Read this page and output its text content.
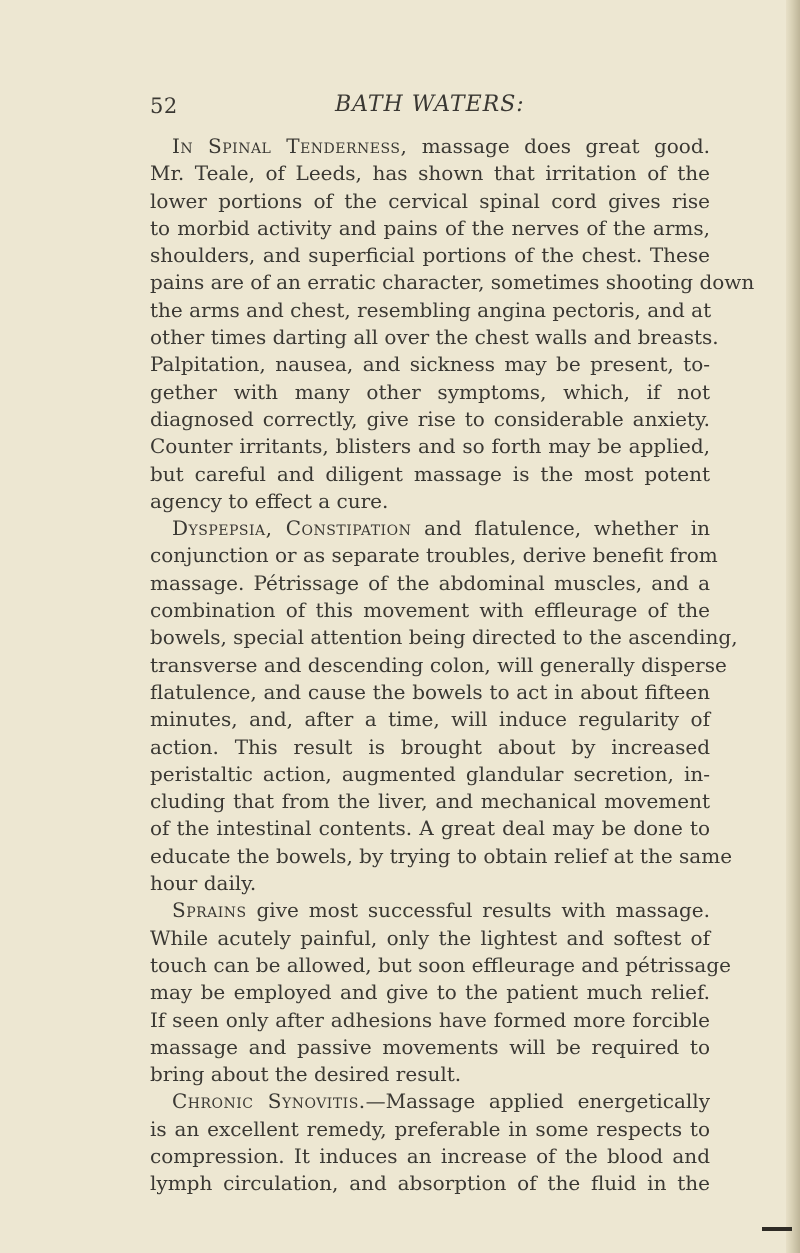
52	BATH WATERS:
In Spinal Tenderness, massage does great good.
Mr. Teale, of Leeds, has shown that irritation of the
lower portions of the cervical spinal cord gives rise
to morbid activity and pains of the nerves of the arms,
shoulders, and superficial portions of the chest. These
pains are of an erratic character, sometimes shooting down
the arms and chest, resembling angina pectoris, and at
other times darting all over the chest walls and breasts.
Palpitation, nausea, and sickness may be present, to-
gether with many other symptoms, which, if not
diagnosed correctly, give rise to considerable anxiety.
Counter irritants, blisters and so forth may be applied,
but careful and diligent massage is the most potent
agency to effect a cure.
Dyspepsia, Constipation and flatulence, whether in
conjunction or as separate troubles, derive benefit from
massage. Pétrissage of the abdominal muscles, and a
combination of this movement with effleurage of the
bowels, special attention being directed to the ascending,
transverse and descending colon, will generally disperse
flatulence, and cause the bowels to act in about fifteen
minutes, and, after a time, will induce regularity of
action. This result is brought about by increased
peristaltic action, augmented glandular secretion, in-
cluding that from the liver, and mechanical movement
of the intestinal contents. A great deal may be done to
educate the bowels, by trying to obtain relief at the same
hour daily.
Sprains give most successful results with massage.
While acutely painful, only the lightest and softest of
touch can be allowed, but soon effleurage and pétrissage
may be employed and give to the patient much relief.
If seen only after adhesions have formed more forcible
massage and passive movements will be required to
bring about the desired result.
Chronic Synovitis.—Massage applied energetically
is an excellent remedy, preferable in some respects to
compression. It induces an increase of the blood and
lymph circulation, and absorption of the fluid in the
